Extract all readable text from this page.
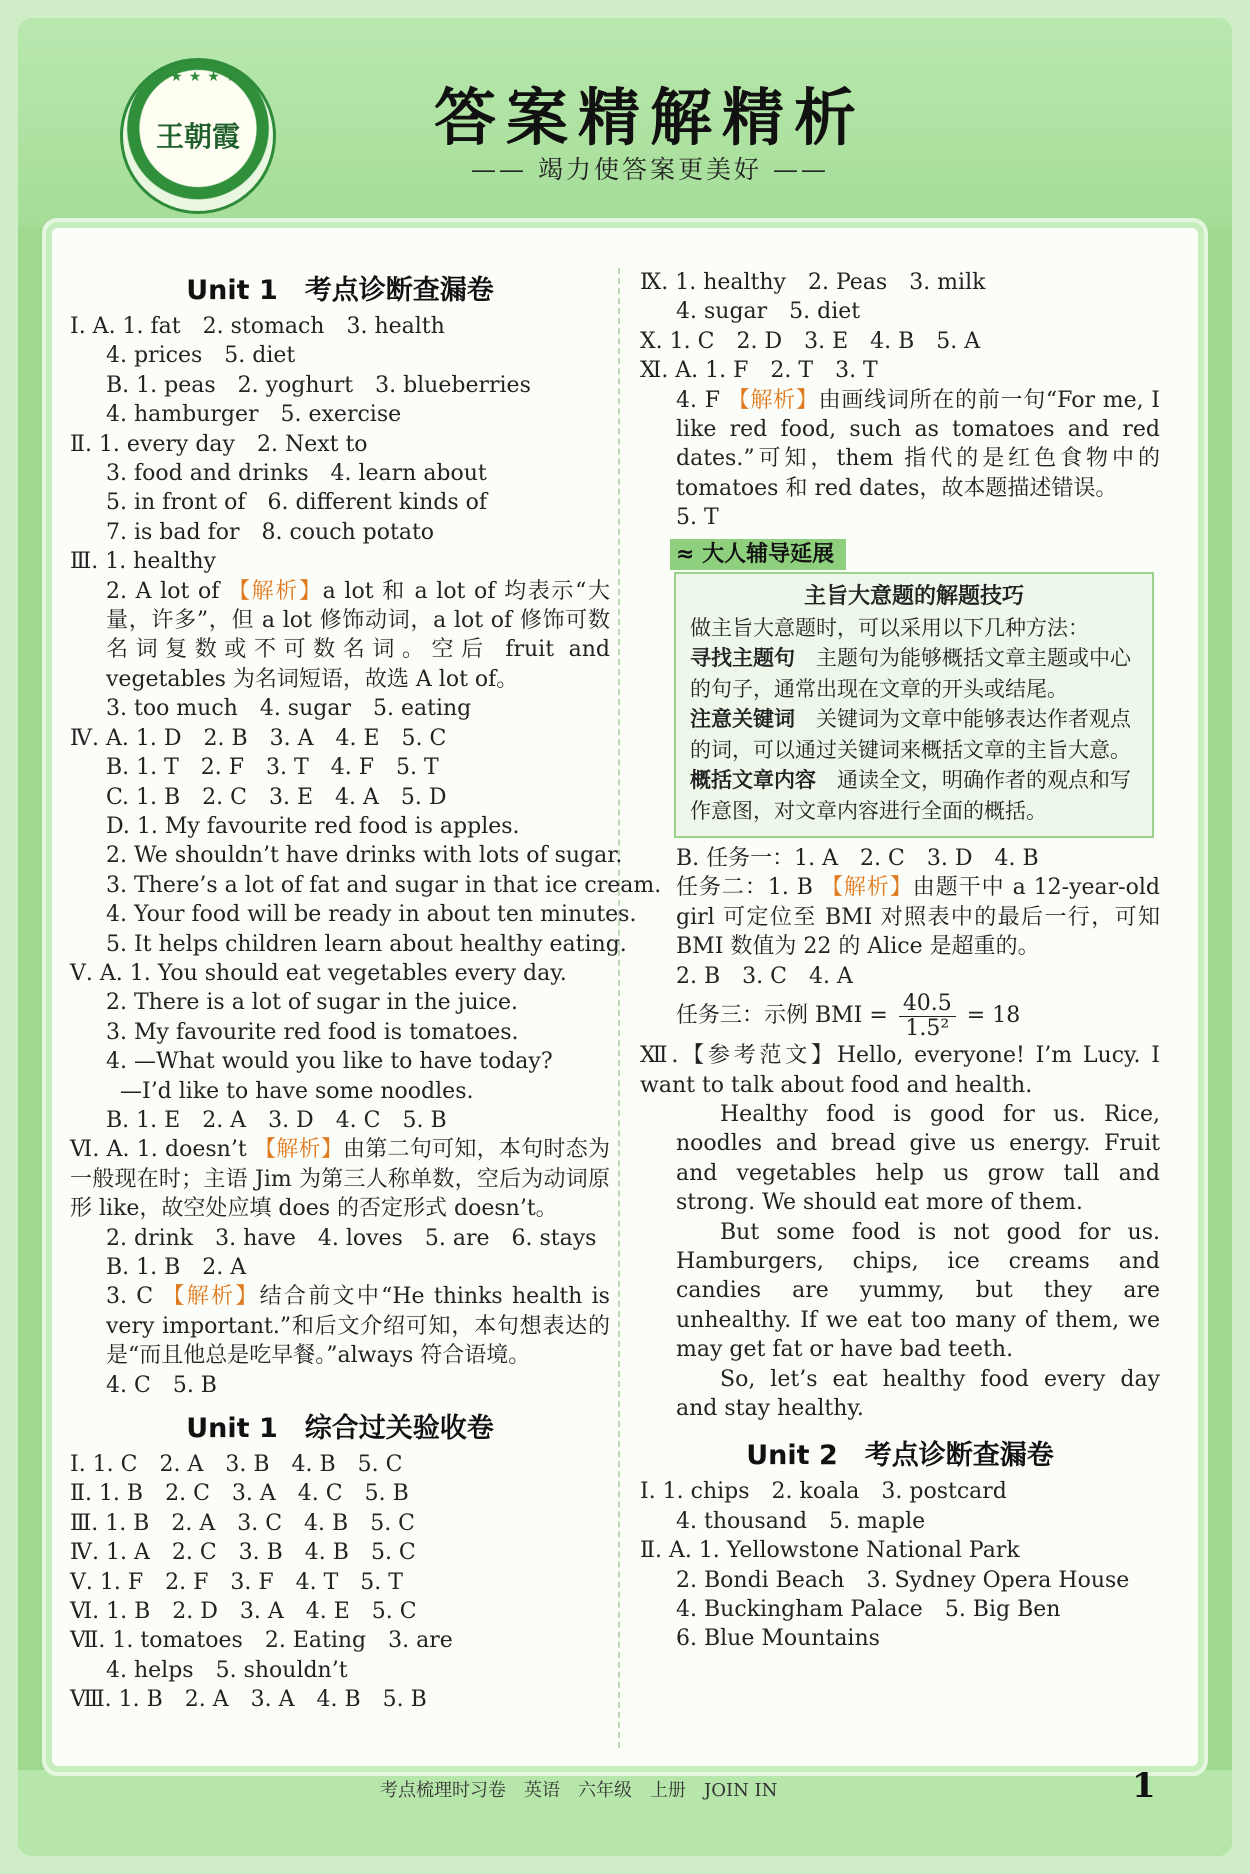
★★★★★
王朝霞	答案精解精析
—— 竭力使答案更美好 ——
Unit 1　考点诊断查漏卷
Ⅰ. A. 1. fat　2. stomach　3. health
4. prices　5. diet
B. 1. peas　2. yoghurt　3. blueberries
4. hamburger　5. exercise
Ⅱ. 1. every day　2. Next to
3. food and drinks　4. learn about
5. in front of　6. different kinds of
7. is bad for　8. couch potato
Ⅲ. 1. healthy
2. A lot of 【解析】a lot 和 a lot of 均表示“大量，许多”，但 a lot 修饰动词，a lot of 修饰可数名词复数或不可数名词。空后 fruit and vegetables 为名词短语，故选 A lot of。
3. too much　4. sugar　5. eating
Ⅳ. A. 1. D　2. B　3. A　4. E　5. C
B. 1. T　2. F　3. T　4. F　5. T
C. 1. B　2. C　3. E　4. A　5. D
D. 1. My favourite red food is apples.
2. We shouldn’t have drinks with lots of sugar.
3. There’s a lot of fat and sugar in that ice cream.
4. Your food will be ready in about ten minutes.
5. It helps children learn about healthy eating.
Ⅴ. A. 1. You should eat vegetables every day.
2. There is a lot of sugar in the juice.
3. My favourite red food is tomatoes.
4. —What would you like to have today?
—I’d like to have some noodles.
B. 1. E　2. A　3. D　4. C　5. B
Ⅵ. A. 1. doesn’t 【解析】由第二句可知，本句时态为一般现在时；主语 Jim 为第三人称单数，空后为动词原形 like，故空处应填 does 的否定形式 doesn’t。
2. drink　3. have　4. loves　5. are　6. stays
B. 1. B　2. A
3. C 【解析】结合前文中“He thinks health is very important.”和后文介绍可知，本句想表达的是“而且他总是吃早餐。”always 符合语境。
4. C　5. B
Unit 1　综合过关验收卷
Ⅰ. 1. C　2. A　3. B　4. B　5. C
Ⅱ. 1. B　2. C　3. A　4. C　5. B
Ⅲ. 1. B　2. A　3. C　4. B　5. C
Ⅳ. 1. A　2. C　3. B　4. B　5. C
Ⅴ. 1. F　2. F　3. F　4. T　5. T
Ⅵ. 1. B　2. D　3. A　4. E　5. C
Ⅶ. 1. tomatoes　2. Eating　3. are
4. helps　5. shouldn’t
Ⅷ. 1. B　2. A　3. A　4. B　5. B
Ⅸ. 1. healthy　2. Peas　3. milk
4. sugar　5. diet
Ⅹ. 1. C　2. D　3. E　4. B　5. A
Ⅺ. A. 1. F　2. T　3. T
4. F 【解析】由画线词所在的前一句“For me, I like red food, such as tomatoes and red dates.”可知，them 指代的是红色食物中的 tomatoes 和 red dates，故本题描述错误。
5. T
≈ 大人辅导延展
主旨大意题的解题技巧
做主旨大意题时，可以采用以下几种方法：
寻找主题句　 主题句为能够概括文章主题或中心的句子，通常出现在文章的开头或结尾。
注意关键词　 关键词为文章中能够表达作者观点的词，可以通过关键词来概括文章的主旨大意。
概括文章内容　 通读全文，明确作者的观点和写作意图，对文章内容进行全面的概括。
B. 任务一：1. A　2. C　3. D　4. B
任务二：1. B 【解析】由题干中 a 12-year-old girl 可定位至 BMI 对照表中的最后一行，可知 BMI 数值为 22 的 Alice 是超重的。
2. B　3. C　4. A
任务三：示例 BMI = $\frac{40.5}{\text{1.5²}} = 18$

Ⅻ.【参考范文】Hello, everyone! I’m Lucy. I want to talk about food and health.

Healthy food is good for us. Rice, noodles and bread give us energy. Fruit and vegetables help us grow tall and strong. We should eat more of them.

But some food is not good for us. Hamburgers, chips, ice creams and candies are yummy, but they are unhealthy. If we eat too many of them, we may get fat or have bad teeth.

So, let’s eat healthy food every day and stay healthy.

Unit 2　考点诊断查漏卷
Ⅰ. 1. chips　2. koala　3. postcard
4. thousand　5. maple
Ⅱ. A. 1. Yellowstone National Park
2. Bondi Beach　3. Sydney Opera House
4. Buckingham Palace　5. Big Ben
6. Blue Mountains
考点梳理时习卷　英语　六年级　上册　JOIN IN	1
